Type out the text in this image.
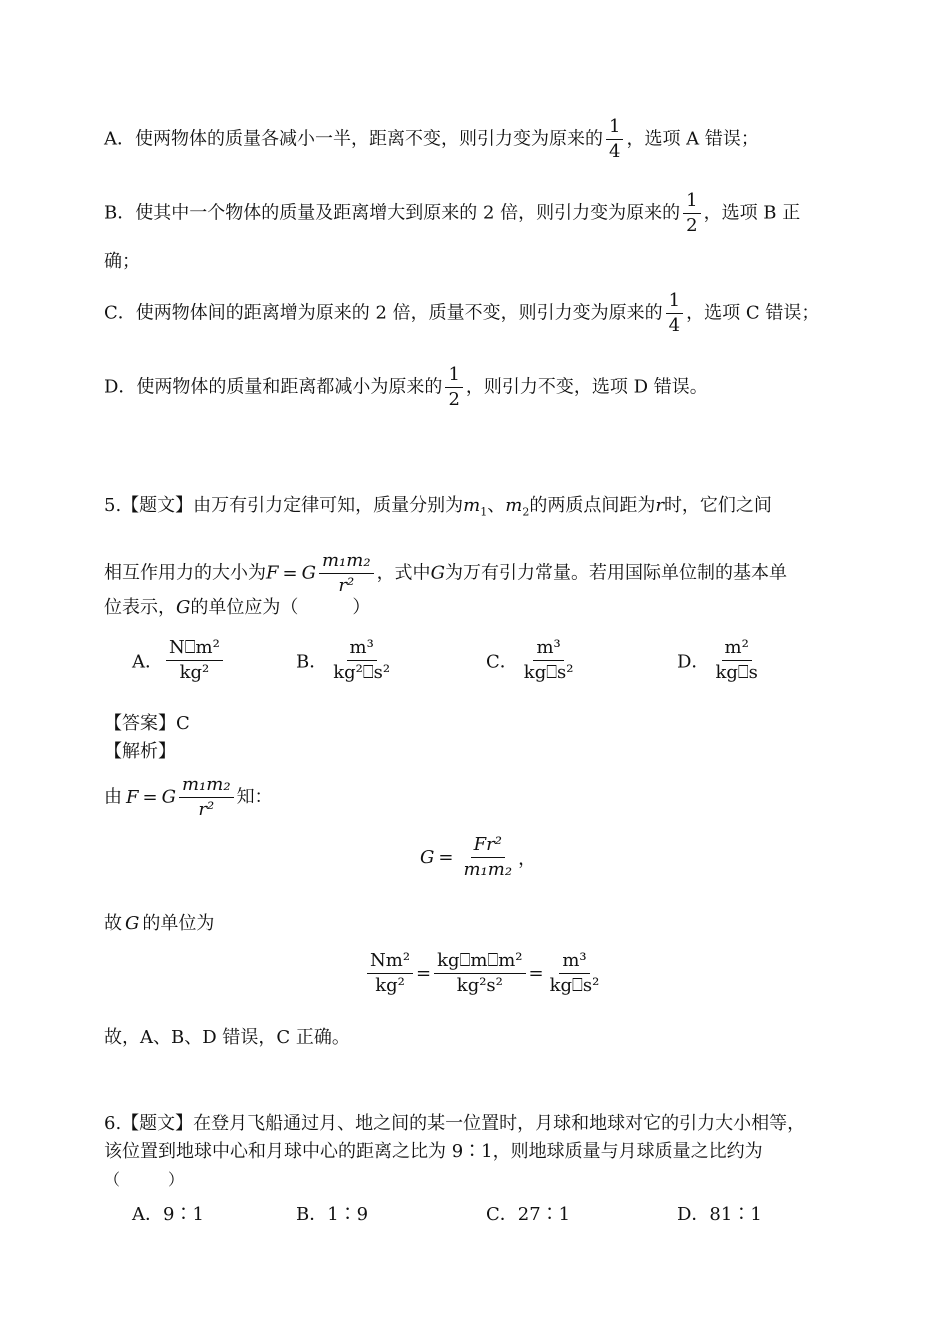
A．使两物体的质量各减小一半，距离不变，则引力变为原来的 $\frac{1}{4}$ ，选项 A 错误；
B．使其中一个物体的质量及距离增大到原来的 2 倍，则引力变为原来的 $\frac{1}{2}$ ，选项 B 正
确；
C．使两物体间的距离增为原来的 2 倍，质量不变，则引力变为原来的 $\frac{1}{4}$ ，选项 C 错误；
D．使两物体的质量和距离都减小为原来的 $\frac{1}{2}$ ，则引力不变，选项 D 错误。
5.【题文】由万有引力定律可知，质量分别为$m_1$、$m_2$的两质点间距为r时，它们之间
相互作用力的大小为F = G $\frac{\text{m₁m₂}}{\text{r²}}$ ，式中G为万有引力常量。若用国际单位制的基本单
位表示，G的单位应为（　　　）
A． $\frac{\text{N⎕m²}}{\text{kg²}}$	B． $\frac{\text{m³}}{\text{kg²⎕s²}}$	C． $\frac{\text{m³}}{\text{kg⎕s²}}$	D． $\frac{\text{m²}}{kg⎕s}$
【答案】C
【解析】
由 F = G $\frac{\text{m₁m₂}}{\text{r²}}$ 知：
$G = \frac{\text{Fr²}}{\text{m₁m₂}}$ ，
故 G 的单位为
$\frac{\text{Nm²}}{\text{kg²}} = \frac{\text{kg⎕m⎕m²}}{\text{kg²s²}} = \frac{\text{m³}}{\text{kg⎕s²}}$
故，A、B、D 错误，C 正确。
6.【题文】在登月飞船通过月、地之间的某一位置时，月球和地球对它的引力大小相等，
该位置到地球中心和月球中心的距离之比为 9∶1，则地球质量与月球质量之比约为
（　　　）
A．9∶1	B．1∶9	C．27∶1	D．81∶1
